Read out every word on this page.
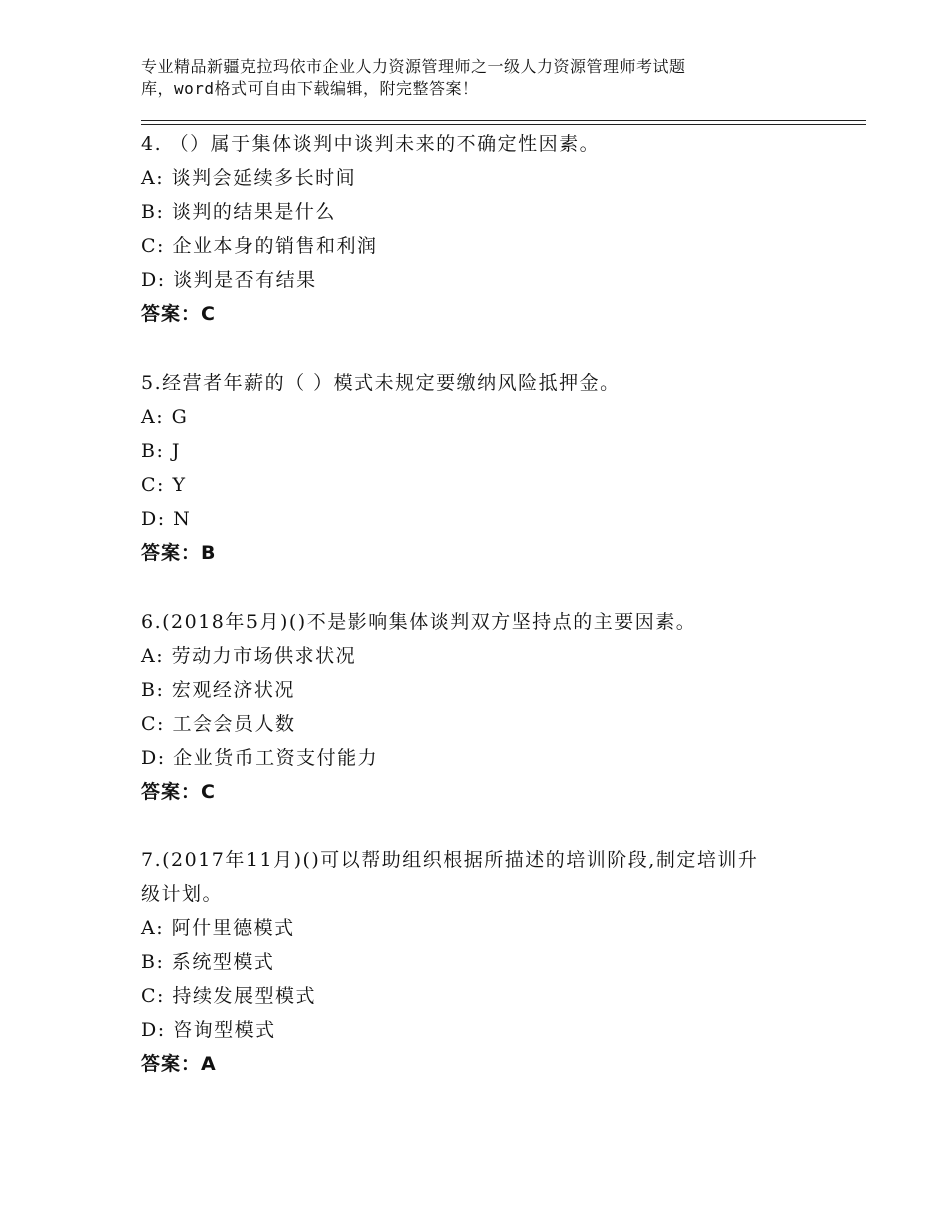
专业精品新疆克拉玛依市企业人力资源管理师之一级人力资源管理师考试题
库，word格式可自由下载编辑，附完整答案！
4. （）属于集体谈判中谈判未来的不确定性因素。
A: 谈判会延续多长时间
B: 谈判的结果是什么
C: 企业本身的销售和利润
D: 谈判是否有结果
答案：C
5.经营者年薪的（ ）模式未规定要缴纳风险抵押金。
A: G
B: J
C: Y
D: N
答案：B
6.(2018年5月)()不是影响集体谈判双方坚持点的主要因素。
A: 劳动力市场供求状况
B: 宏观经济状况
C: 工会会员人数
D: 企业货币工资支付能力
答案：C
7.(2017年11月)()可以帮助组织根据所描述的培训阶段,制定培训升
级计划。
A: 阿什里德模式
B: 系统型模式
C: 持续发展型模式
D: 咨询型模式
答案：A
